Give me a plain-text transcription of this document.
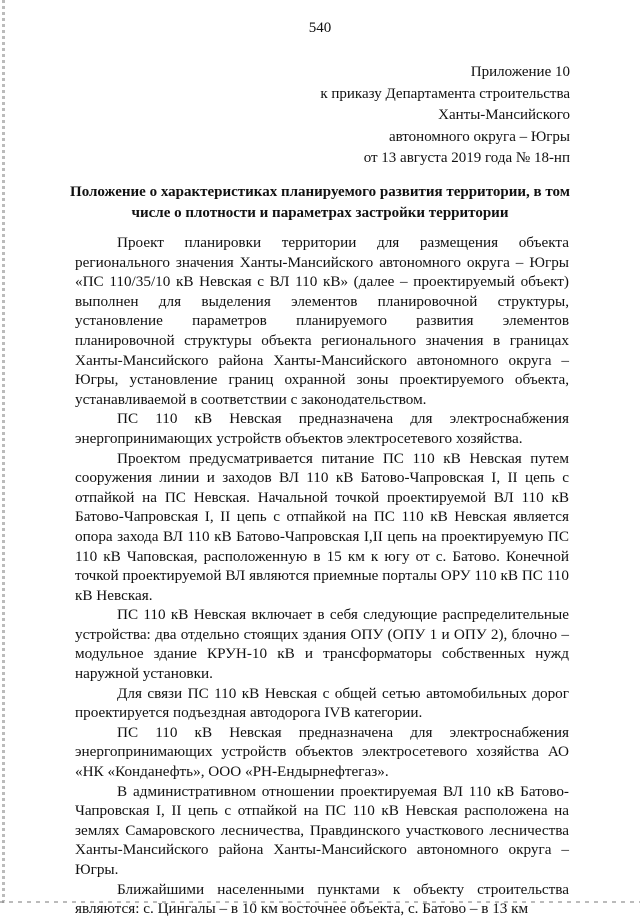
540
Приложение 10
к приказу Департамента строительства
Ханты-Мансийского
автономного округа – Югры
от 13 августа 2019 года № 18-нп
Положение о характеристиках планируемого развития территории, в том числе о плотности и параметрах застройки территории

Проект планировки территории для размещения объекта регионального значения Ханты-Мансийского автономного округа – Югры «ПС 110/35/10 кВ Невская с ВЛ 110 кВ» (далее – проектируемый объект) выполнен для выделения элементов планировочной структуры, установление параметров планируемого развития элементов планировочной структуры объекта регионального значения в границах Ханты-Мансийского района Ханты-Мансийского автономного округа – Югры, установление границ охранной зоны проектируемого объекта, устанавливаемой в соответствии с законодательством.

ПС 110 кВ Невская предназначена для электроснабжения энергопринимающих устройств объектов электросетевого хозяйства.

Проектом предусматривается питание ПС 110 кВ Невская путем сооружения линии и заходов ВЛ 110 кВ Батово-Чапровская I, II цепь с отпайкой на ПС Невская. Начальной точкой проектируемой ВЛ 110 кВ Батово-Чапровская I, II цепь с отпайкой на ПС 110 кВ Невская является опора захода ВЛ 110 кВ Батово-Чапровская I,II цепь на проектируемую ПС 110 кВ Чаповская, расположенную в 15 км к югу от с. Батово. Конечной точкой проектируемой ВЛ являются приемные порталы ОРУ 110 кВ ПС 110 кВ Невская.

ПС 110 кВ Невская включает в себя следующие распределительные устройства: два отдельно стоящих здания ОПУ (ОПУ 1 и ОПУ 2), блочно – модульное здание КРУН-10 кВ и трансформаторы собственных нужд наружной установки.

Для связи ПС 110 кВ Невская с общей сетью автомобильных дорог проектируется подъездная автодорога IVB категории.

ПС 110 кВ Невская предназначена для электроснабжения энергопринимающих устройств объектов электросетевого хозяйства АО «НК «Конданефть», ООО «РН-Ендырнефтегаз».

В административном отношении проектируемая ВЛ 110 кВ Батово-Чапровская I, II цепь с отпайкой на ПС 110 кВ Невская расположена на землях Самаровского лесничества, Правдинского участкового лесничества Ханты-Мансийского района Ханты-Мансийского автономного округа – Югры.

Ближайшими населенными пунктами к объекту строительства являются: с. Цингалы – в 10 км восточнее объекта, с. Батово – в 13 км
